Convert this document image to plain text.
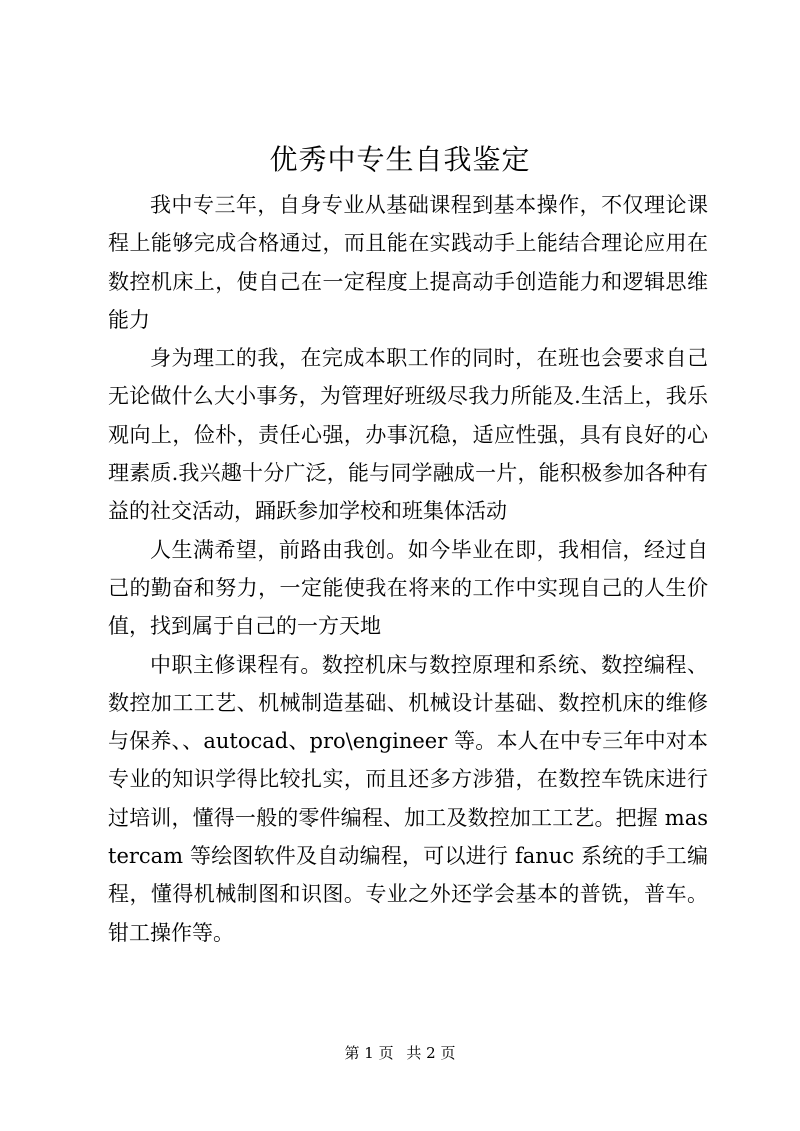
优秀中专生自我鉴定

我中专三年，自身专业从基础课程到基本操作，不仅理论课程上能够完成合格通过，而且能在实践动手上能结合理论应用在数控机床上，使自己在一定程度上提高动手创造能力和逻辑思维能力

身为理工的我，在完成本职工作的同时，在班也会要求自己无论做什么大小事务，为管理好班级尽我力所能及.生活上，我乐观向上，俭朴，责任心强，办事沉稳，适应性强，具有良好的心理素质.我兴趣十分广泛，能与同学融成一片，能积极参加各种有益的社交活动，踊跃参加学校和班集体活动

人生满希望，前路由我创。如今毕业在即，我相信，经过自己的勤奋和努力，一定能使我在将来的工作中实现自己的人生价值，找到属于自己的一方天地

中职主修课程有。数控机床与数控原理和系统、数控编程、数控加工工艺、机械制造基础、机械设计基础、数控机床的维修与保养、、autocad、pro\engineer 等。本人在中专三年中对本专业的知识学得比较扎实，而且还多方涉猎，在数控车铣床进行过培训，懂得一般的零件编程、加工及数控加工工艺。把握 mastercam 等绘图软件及自动编程，可以进行 fanuc 系统的手工编程，懂得机械制图和识图。专业之外还学会基本的普铣，普车。钳工操作等。

第 1 页 共 2 页
